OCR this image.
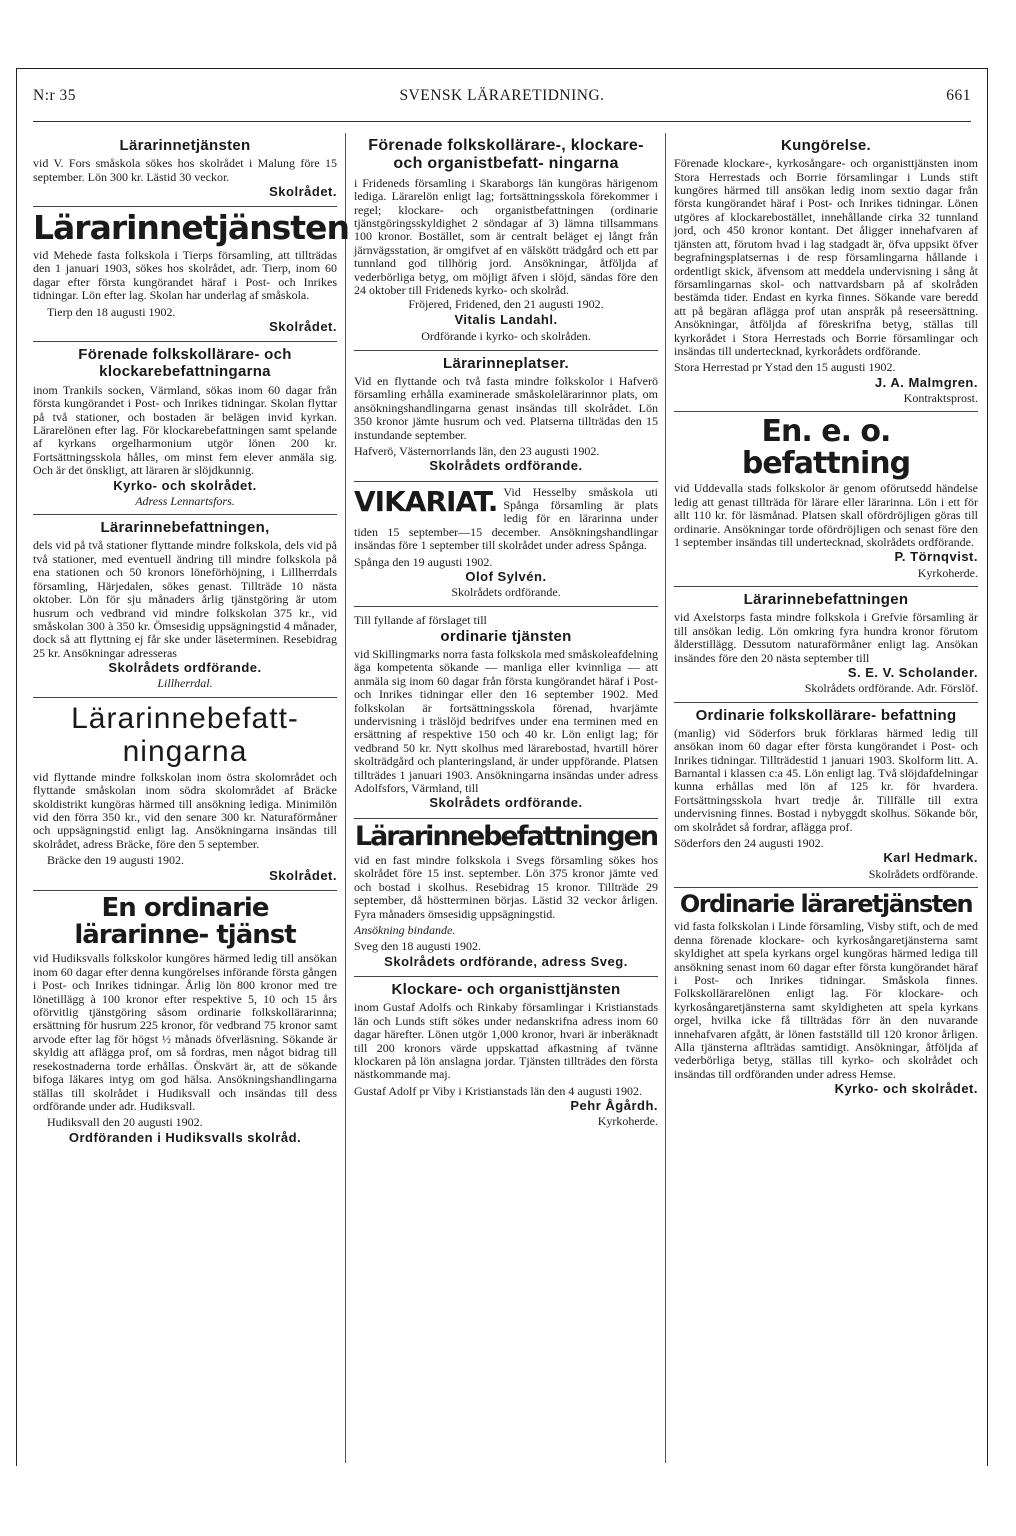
N:r 35	SVENSK LÄRARETIDNING.	661
Lärarinnetjänsten
vid V. Fors småskola sökes hos skolrådet i Malung före 15 september. Lön 300 kr. Lästid 30 veckor.
Skolrådet.
Lärarinnetjänsten
vid Mehede fasta folkskola i Tierps församling, att tillträdas den 1 januari 1903, sökes hos skolrådet, adr. Tierp, inom 60 dagar efter första kungörandet häraf i Post- och Inrikes tidningar. Lön efter lag. Skolan har underlag af småskola.
Tierp den 18 augusti 1902.
Skolrådet.
Förenade folkskollärare- och klockarebefattningarna
inom Trankils socken, Värmland, sökas inom 60 dagar från första kungörandet i Post- och Inrikes tidningar. Skolan flyttar på två stationer, och bostaden är belägen invid kyrkan. Lärarelönen efter lag. För klockarebefattningen samt spelande af kyrkans orgelharmonium utgör lönen 200 kr. Fortsättningsskola hålles, om minst fem elever anmäla sig. Och är det önskligt, att läraren är slöjdkunnig.
Kyrko- och skolrådet.
Adress Lennartsfors.
Lärarinnebefattningen,
dels vid på två stationer flyttande mindre folkskola, dels vid på två stationer, med eventuell ändring till mindre folkskola på ena stationen och 50 kronors löneförhöjning, i Lillherrdals församling, Härjedalen, sökes genast. Tillträde 10 nästa oktober. Lön för sju månaders årlig tjänstgöring är utom husrum och vedbrand vid mindre folkskolan 375 kr., vid småskolan 300 à 350 kr. Ömsesidig uppsägningstid 4 månader, dock så att flyttning ej får ske under läseterminen. Resebidrag 25 kr. Ansökningar adresseras
Skolrådets ordförande.
Lillherrdal.
Lärarinnebefatt- ningarna
vid flyttande mindre folkskolan inom östra skolområdet och flyttande småskolan inom södra skolområdet af Bräcke skoldistrikt kungöras härmed till ansökning lediga. Minimilön vid den förra 350 kr., vid den senare 300 kr. Naturaförmåner och uppsägningstid enligt lag. Ansökningarna insändas till skolrådet, adress Bräcke, före den 5 september.
Bräcke den 19 augusti 1902.
Skolrådet.
En ordinarie lärarinne- tjänst
vid Hudiksvalls folkskolor kungöres härmed ledig till ansökan inom 60 dagar efter denna kungörelses införande första gången i Post- och Inrikes tidningar. Årlig lön 800 kronor med tre lönetillägg à 100 kronor efter respektive 5, 10 och 15 års oförvitlig tjänstgöring såsom ordinarie folkskollärarinna; ersättning för husrum 225 kronor, för vedbrand 75 kronor samt arvode efter lag för högst ½ månads öfverläsning. Sökande är skyldig att aflägga prof, om så fordras, men något bidrag till resekostnaderna torde erhållas. Önskvärt är, att de sökande bifoga läkares intyg om god hälsa. Ansökningshandlingarna ställas till skolrådet i Hudiksvall och insändas till dess ordförande under adr. Hudiksvall.
Hudiksvall den 20 augusti 1902.
Ordföranden i Hudiksvalls skolråd.
Förenade folkskollärare-, klockare- och organistbefatt- ningarna
i Frideneds församling i Skaraborgs län kungöras härigenom lediga. Lärarelön enligt lag; fortsättningsskola förekommer i regel; klockare- och organistbefattningen (ordinarie tjänstgöringsskyldighet 2 söndagar af 3) lämna tillsammans 100 kronor. Bostället, som är centralt beläget ej långt från järnvägsstation, är omgifvet af en välskött trädgård och ett par tunnland god tillhörig jord. Ansökningar, åtföljda af vederbörliga betyg, om möjligt äfven i slöjd, sändas före den 24 oktober till Frideneds kyrko- och skolråd.
Fröjered, Fridened, den 21 augusti 1902.
Vitalis Landahl.
Ordförande i kyrko- och skolråden.
Lärarinneplatser.
Vid en flyttande och två fasta mindre folkskolor i Hafverö församling erhålla examinerade småskolelärarinnor plats, om ansökningshandlingarna genast insändas till skolrådet. Lön 350 kronor jämte husrum och ved. Platserna tillträdas den 15 instundande september.
Hafverö, Västernorrlands län, den 23 augusti 1902.
Skolrådets ordförande.
VIKARIAT. Vid Hesselby småskola uti Spånga församling är plats ledig för en lärarinna under tiden 15 september—15 december. Ansökningshandlingar insändas före 1 september till skolrådet under adress Spånga.
Spånga den 19 augusti 1902.
Olof Sylvén.
Skolrådets ordförande.
Till fyllande af förslaget till
ordinarie tjänsten
vid Skillingmarks norra fasta folkskola med småskoleafdelning äga kompetenta sökande — manliga eller kvinnliga — att anmäla sig inom 60 dagar från första kungörandet häraf i Post- och Inrikes tidningar eller den 16 september 1902. Med folkskolan är fortsättningsskola förenad, hvarjämte undervisning i träslöjd bedrifves under ena terminen med en ersättning af respektive 150 och 40 kr. Lön enligt lag; för vedbrand 50 kr. Nytt skolhus med lärarebostad, hvartill hörer skolträdgård och planteringsland, är under uppförande. Platsen tillträdes 1 januari 1903. Ansökningarna insändas under adress Adolfsfors, Värmland, till
Skolrådets ordförande.
Lärarinnebefattningen
vid en fast mindre folkskola i Svegs församling sökes hos skolrådet före 15 inst. september. Lön 375 kronor jämte ved och bostad i skolhus. Resebidrag 15 kronor. Tillträde 29 september, då höstterminen börjas. Lästid 32 veckor årligen. Fyra månaders ömsesidig uppsägningstid.
Ansökning bindande.
Sveg den 18 augusti 1902.
Skolrådets ordförande, adress Sveg.
Klockare- och organisttjänsten
inom Gustaf Adolfs och Rinkaby församlingar i Kristianstads län och Lunds stift sökes under nedanskrifna adress inom 60 dagar härefter. Lönen utgör 1,000 kronor, hvari är inberäknadt till 200 kronors värde uppskattad afkastning af tvänne klockaren på lön anslagna jordar. Tjänsten tillträdes den första nästkommande maj.
Gustaf Adolf pr Viby i Kristianstads län den 4 augusti 1902.
Pehr Ågårdh.
Kyrkoherde.
Kungörelse.
Förenade klockare-, kyrkosångare- och organisttjänsten inom Stora Herrestads och Borrie församlingar i Lunds stift kungöres härmed till ansökan ledig inom sextio dagar från första kungörandet häraf i Post- och Inrikes tidningar. Lönen utgöres af klockarebostället, innehållande cirka 32 tunnland jord, och 450 kronor kontant. Det åligger innehafvaren af tjänsten att, förutom hvad i lag stadgadt är, öfva uppsikt öfver begrafningsplatsernas i de resp församlingarna hållande i ordentligt skick, äfvensom att meddela undervisning i sång åt församlingarnas skol- och nattvardsbarn på af skolråden bestämda tider. Endast en kyrka finnes. Sökande vare beredd att på begäran aflägga prof utan anspråk på reseersättning. Ansökningar, åtföljda af föreskrifna betyg, ställas till kyrkorådet i Stora Herrestads och Borrie församlingar och insändas till undertecknad, kyrkorådets ordförande.
Stora Herrestad pr Ystad den 15 augusti 1902.
J. A. Malmgren.
Kontraktsprost.
En. e. o. befattning
vid Uddevalla stads folkskolor är genom oförutsedd händelse ledig att genast tillträda för lärare eller lärarinna. Lön i ett för allt 110 kr. för läsmånad. Platsen skall ofördröjligen göras till ordinarie. Ansökningar torde ofördröjligen och senast före den 1 september insändas till undertecknad, skolrådets ordförande.
P. Törnqvist.
Kyrkoherde.
Lärarinnebefattningen
vid Axelstorps fasta mindre folkskola i Grefvie församling är till ansökan ledig. Lön omkring fyra hundra kronor förutom ålderstillägg. Dessutom naturaförmåner enligt lag. Ansökan insändes före den 20 nästa september till
S. E. V. Scholander.
Skolrådets ordförande. Adr. Förslöf.
Ordinarie folkskollärare- befattning
(manlig) vid Söderfors bruk förklaras härmed ledig till ansökan inom 60 dagar efter första kungörandet i Post- och Inrikes tidningar. Tillträdestid 1 januari 1903. Skolform litt. A. Barnantal i klassen c:a 45. Lön enligt lag. Två slöjdafdelningar kunna erhållas med lön af 125 kr. för hvardera. Fortsättningsskola hvart tredje år. Tillfälle till extra undervisning finnes. Bostad i nybyggdt skolhus. Sökande bör, om skolrådet så fordrar, aflägga prof.
Söderfors den 24 augusti 1902.
Karl Hedmark.
Skolrådets ordförande.
Ordinarie läraretjänsten
vid fasta folkskolan i Linde församling, Visby stift, och de med denna förenade klockare- och kyrkosångaretjänsterna samt skyldighet att spela kyrkans orgel kungöras härmed lediga till ansökning senast inom 60 dagar efter första kungörandet häraf i Post- och Inrikes tidningar. Småskola finnes. Folkskollärarelönen enligt lag. För klockare- och kyrkosångaretjänsterna samt skyldigheten att spela kyrkans orgel, hvilka icke få tillträdas förr än den nuvarande innehafvaren afgått, är lönen fastställd till 120 kronor årligen. Alla tjänsterna aflträdas samtidigt. Ansökningar, åtföljda af vederbörliga betyg, ställas till kyrko- och skolrådet och insändas till ordföranden under adress Hemse.
Kyrko- och skolrådet.
